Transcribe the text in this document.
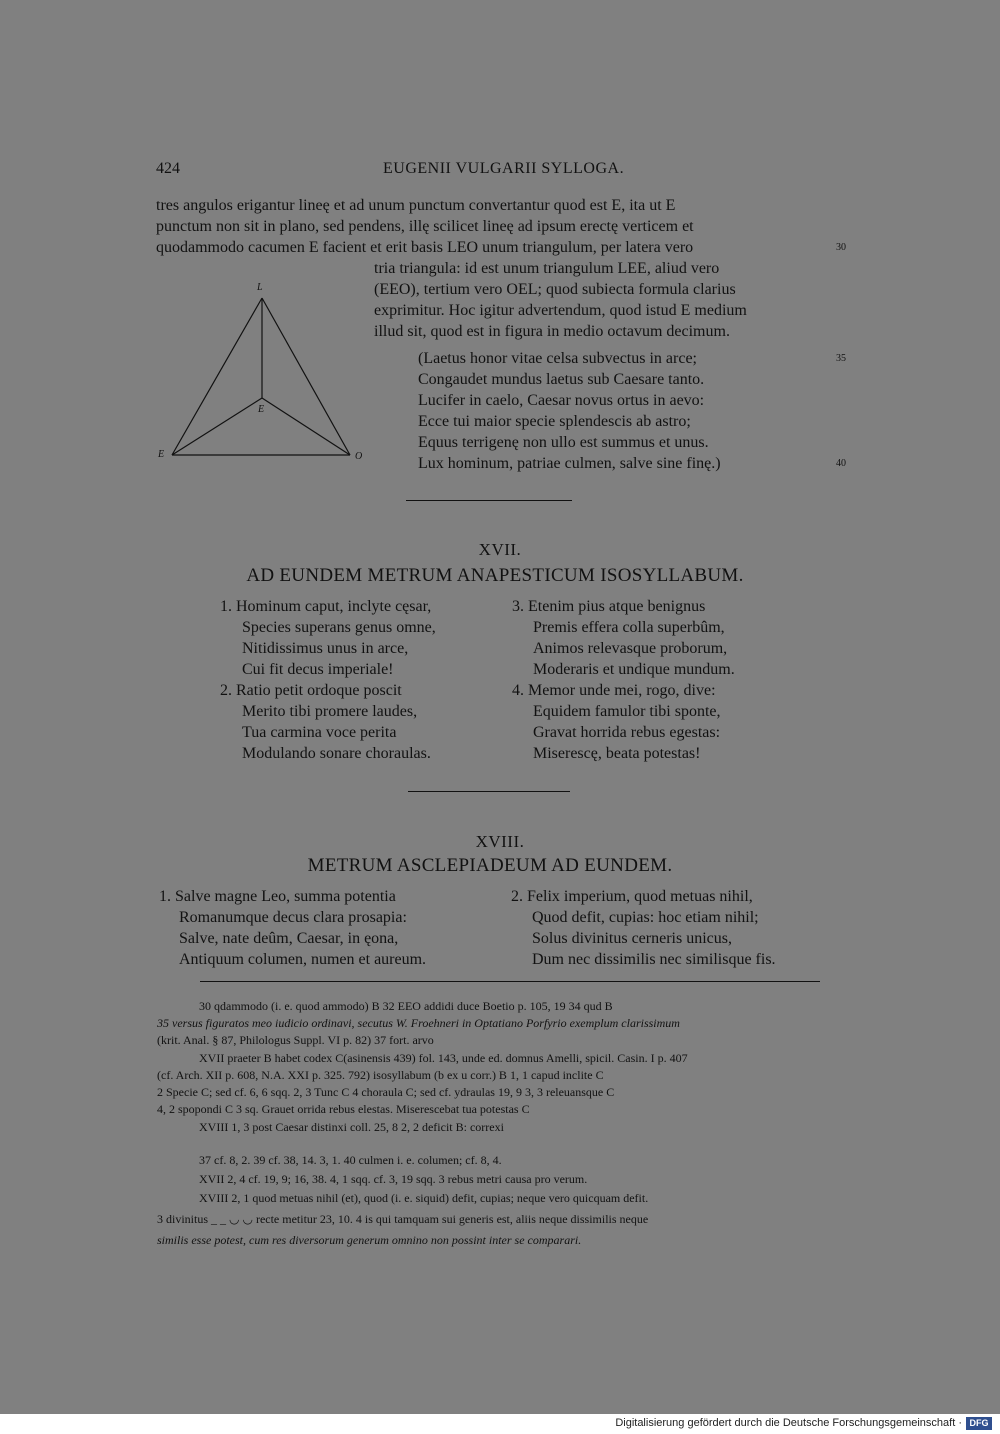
424	EUGENII VULGARII SYLLOGA.
tres angulos erigantur lineę et ad unum punctum convertantur quod est E, ita ut E
punctum non sit in plano, sed pendens, illę scilicet lineę ad ipsum erectę verticem et
quodammodo cacumen E facient et erit basis LEO unum triangulum, per latera vero	30
tria triangula: id est unum triangulum LEE, aliud vero
(EEO), tertium vero OEL; quod subiecta formula clarius
exprimitur. Hoc igitur advertendum, quod istud E medium
illud sit, quod est in figura in medio octavum decimum.
L
E
E	O
(Laetus honor vitae celsa subvectus in arce;	35
Congaudet mundus laetus sub Caesare tanto.
Lucifer in caelo, Caesar novus ortus in aevo:
Ecce tui maior specie splendescis ab astro;
Equus terrigenę non ullo est summus et unus.
Lux hominum, patriae culmen, salve sine finę.)	40
XVII.
AD EUNDEM METRUM ANAPESTICUM ISOSYLLABUM.
1. Hominum caput, inclyte cęsar,
Species superans genus omne,
Nitidissimus unus in arce,
Cui fit decus imperiale!
2. Ratio petit ordoque poscit
Merito tibi promere laudes,
Tua carmina voce perita
Modulando sonare choraulas.
3. Etenim pius atque benignus
Premis effera colla superbûm,
Animos relevasque proborum,
Moderaris et undique mundum.
4. Memor unde mei, rogo, dive:
Equidem famulor tibi sponte,
Gravat horrida rebus egestas:
Miserescę, beata potestas!
XVIII.
METRUM ASCLEPIADEUM AD EUNDEM.
1. Salve magne Leo, summa potentia
Romanumque decus clara prosapia:
Salve, nate deûm, Caesar, in ęona,
Antiquum columen, numen et aureum.
2. Felix imperium, quod metuas nihil,
Quod defit, cupias: hoc etiam nihil;
Solus divinitus cerneris unicus,
Dum nec dissimilis nec similisque fis.
30 qdammodo (i. e. quod ammodo) B 32 EEO addidi duce Boetio p. 105, 19 34 qud B
35 versus figuratos meo iudicio ordinavi, secutus W. Froehneri in Optatiano Porfyrio exemplum clarissimum
(krit. Anal. § 87, Philologus Suppl. VI p. 82) 37 fort. arvo
XVII praeter B habet codex C(asinensis 439) fol. 143, unde ed. domnus Amelli, spicil. Casin. I p. 407
(cf. Arch. XII p. 608, N.A. XXI p. 325. 792) isosyllabum (b ex u corr.) B 1, 1 capud inclite C
2 Specie C; sed cf. 6, 6 sqq. 2, 3 Tunc C 4 choraula C; sed cf. ydraulas 19, 9 3, 3 releuansque C
4, 2 spopondi C 3 sq. Grauet orrida rebus elestas. Miserescebat tua potestas C
XVIII 1, 3 post Caesar distinxi coll. 25, 8 2, 2 deficit B: correxi
37 cf. 8, 2. 39 cf. 38, 14. 3, 1. 40 culmen i. e. columen; cf. 8, 4.
XVII 2, 4 cf. 19, 9; 16, 38. 4, 1 sqq. cf. 3, 19 sqq. 3 rebus metri causa pro verum.
XVIII 2, 1 quod metuas nihil (et), quod (i. e. siquid) defit, cupias; neque vero quicquam defit.
3 divinitus _ _ ◡ ◡ recte metitur 23, 10. 4 is qui tamquam sui generis est, aliis neque dissimilis neque
similis esse potest, cum res diversorum generum omnino non possint inter se comparari.
Digitalisierung gefördert durch die Deutsche Forschungsgemeinschaft · DFG
